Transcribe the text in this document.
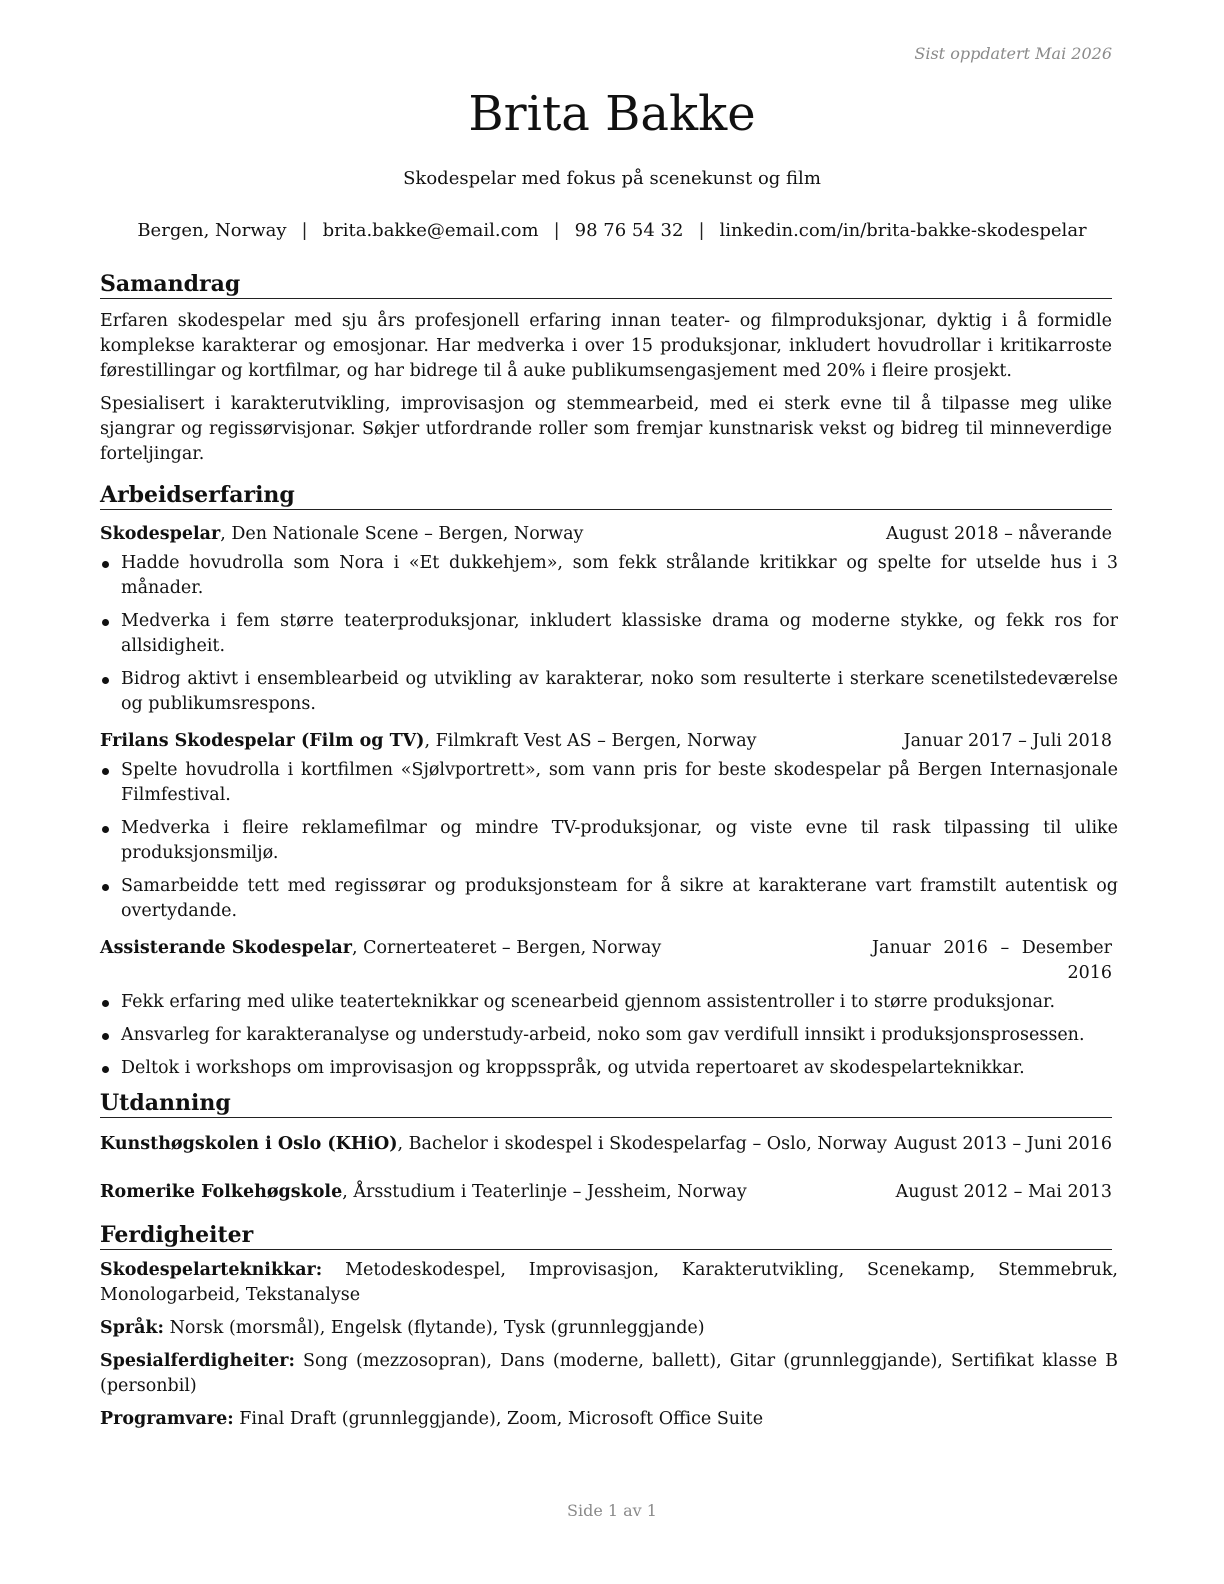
Sist oppdatert Mai 2026
Brita Bakke
Skodespelar med fokus på scenekunst og film
Bergen, Norway | brita.bakke@email.com | 98 76 54 32 | linkedin.com/in/brita-bakke-skodespelar
Samandrag

Erfaren skodespelar med sju års profesjonell erfaring innan teater- og filmproduksjonar, dyktig i å formidle komplekse karakterar og emosjonar. Har medverka i over 15 produksjonar, inkludert hovudrollar i kritikarroste førestillingar og kortfilmar, og har bidrege til å auke publikumsengasjement med 20% i fleire prosjekt.

Spesialisert i karakterutvikling, improvisasjon og stemmearbeid, med ei sterk evne til å tilpasse meg ulike sjangrar og regissørvisjonar. Søkjer utfordrande roller som fremjar kunstnarisk vekst og bidreg til minneverdige forteljingar.

Arbeidserfaring
Skodespelar, Den Nationale Scene – Bergen, Norway	August 2018 – nåverande
Hadde hovudrolla som Nora i «Et dukkehjem», som fekk strålande kritikkar og spelte for utselde hus i 3 månader.
Medverka i fem større teaterproduksjonar, inkludert klassiske drama og moderne stykke, og fekk ros for allsidigheit.
Bidrog aktivt i ensemblearbeid og utvikling av karakterar, noko som resulterte i sterkare scenetilstedeværelse og publikumsrespons.
Frilans Skodespelar (Film og TV), Filmkraft Vest AS – Bergen, Norway	Januar 2017 – Juli 2018
Spelte hovudrolla i kortfilmen «Sjølvportrett», som vann pris for beste skodespelar på Bergen Internasjonale Filmfestival.
Medverka i fleire reklamefilmar og mindre TV-produksjonar, og viste evne til rask tilpassing til ulike produksjonsmiljø.
Samarbeidde tett med regissørar og produksjonsteam for å sikre at karakterane vart framstilt autentisk og overtydande.
Assisterande Skodespelar, Cornerteateret – Bergen, Norway	Januar 2016 – Desember 2016
Fekk erfaring med ulike teaterteknikkar og scenearbeid gjennom assistentroller i to større produksjonar.
Ansvarleg for karakteranalyse og understudy-arbeid, noko som gav verdifull innsikt i produksjonsprosessen.
Deltok i workshops om improvisasjon og kroppsspråk, og utvida repertoaret av skodespelarteknikkar.
Utdanning
Kunsthøgskolen i Oslo (KHiO), Bachelor i skodespel i Skodespelarfag – Oslo, Norway August 2013 – Juni 2016
Romerike Folkehøgskole, Årsstudium i Teaterlinje – Jessheim, Norway	August 2012 – Mai 2013
Ferdigheiter

Skodespelarteknikkar: Metodeskodespel, Improvisasjon, Karakterutvikling, Scenekamp, Stemmebruk, Monologarbeid, Tekstanalyse

Språk: Norsk (morsmål), Engelsk (flytande), Tysk (grunnleggjande)

Spesialferdigheiter: Song (mezzosopran), Dans (moderne, ballett), Gitar (grunnleggjande), Sertifikat klasse B (personbil)

Programvare: Final Draft (grunnleggjande), Zoom, Microsoft Office Suite

Side 1 av 1
